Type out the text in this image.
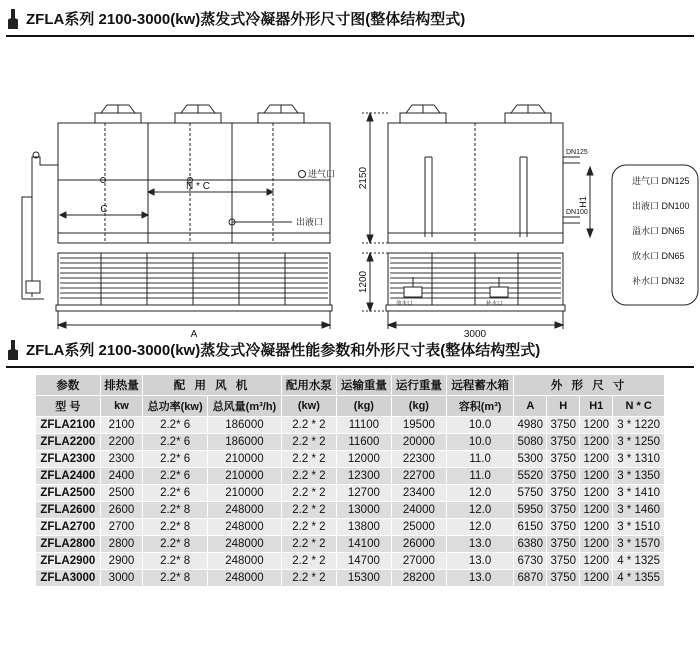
ZFLA系列 2100-3000(kw)蒸发式冷凝器外形尺寸图(整体结构型式)
进气口
出液口
N * C
C
A	3000
2150
1200
H1
DN125
DN100
放水口	补水口
进气口 DN125
出液口 DN100
溢水口 DN65
放水口 DN65
补水口 DN32
ZFLA系列 2100-3000(kw)蒸发式冷凝器性能参数和外形尺寸表(整体结构型式)
参数	排热量	配 用 风 机		配用水泵	运输重量	运行重量	远程蓄水箱	外 形 尺 寸			
型 号	kw	总功率(kw)	总风量(m³/h)	(kw)	(kg)	(kg)	容积(m³)	A	H	H1	N * C
ZFLA2100	2100	2.2* 6	186000	2.2 * 2	11100	19500	10.0	4980	3750	1200	3 * 1220
ZFLA2200	2200	2.2* 6	186000	2.2 * 2	11600	20000	10.0	5080	3750	1200	3 * 1250
ZFLA2300	2300	2.2* 6	210000	2.2 * 2	12000	22300	11.0	5300	3750	1200	3 * 1310
ZFLA2400	2400	2.2* 6	210000	2.2 * 2	12300	22700	11.0	5520	3750	1200	3 * 1350
ZFLA2500	2500	2.2* 6	210000	2.2 * 2	12700	23400	12.0	5750	3750	1200	3 * 1410
ZFLA2600	2600	2.2* 8	248000	2.2 * 2	13000	24000	12.0	5950	3750	1200	3 * 1460
ZFLA2700	2700	2.2* 8	248000	2.2 * 2	13800	25000	12.0	6150	3750	1200	3 * 1510
ZFLA2800	2800	2.2* 8	248000	2.2 * 2	14100	26000	13.0	6380	3750	1200	3 * 1570
ZFLA2900	2900	2.2* 8	248000	2.2 * 2	14700	27000	13.0	6730	3750	1200	4 * 1325
ZFLA3000	3000	2.2* 8	248000	2.2 * 2	15300	28200	13.0	6870	3750	1200	4 * 1355
